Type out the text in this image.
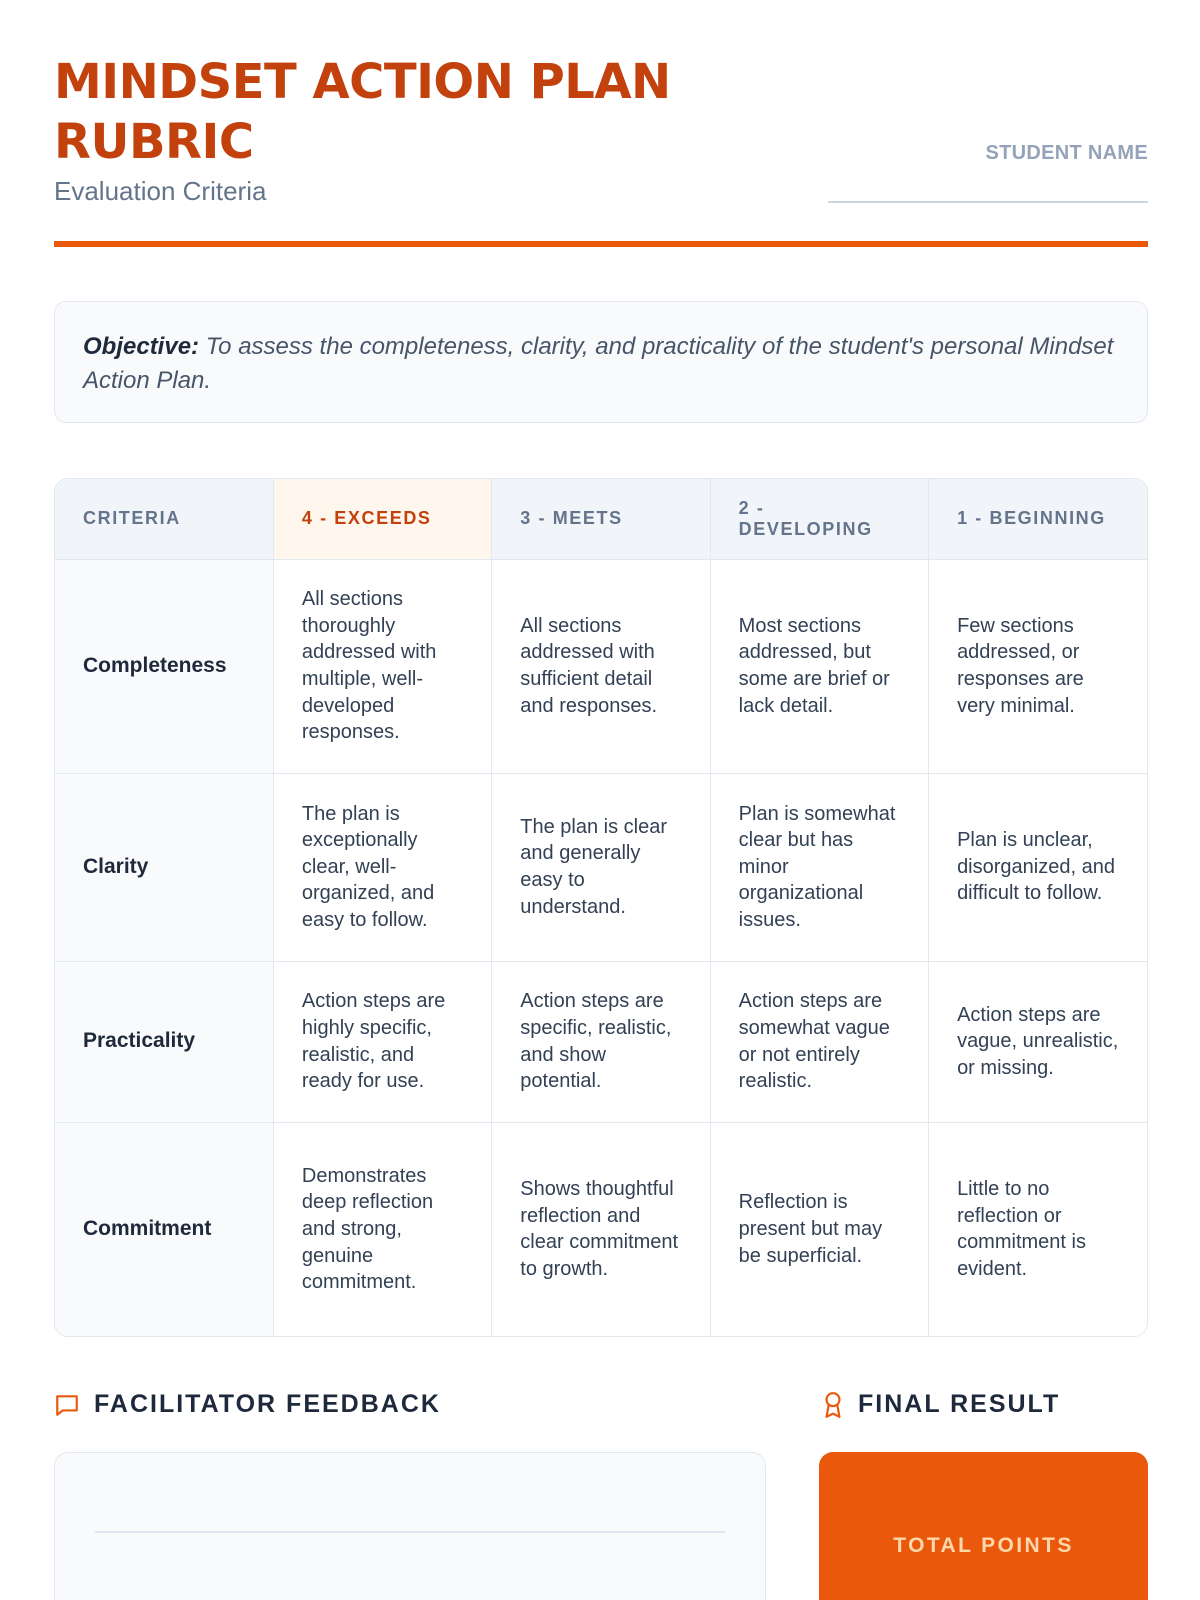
MINDSET ACTION PLAN RUBRIC
Evaluation Criteria
STUDENT NAME
Objective: To assess the completeness, clarity, and practicality of the student's personal Mindset Action Plan.
CRITERIA	4 - EXCEEDS	3 - MEETS	2 - DEVELOPING	1 - BEGINNING
Completeness	All sections thoroughly addressed with multiple, well-developed responses.	All sections addressed with sufficient detail and responses.	Most sections addressed, but some are brief or lack detail.	Few sections addressed, or responses are very minimal.
Clarity	The plan is exceptionally clear, well-organized, and easy to follow.	The plan is clear and generally easy to understand.	Plan is somewhat clear but has minor organizational issues.	Plan is unclear, disorganized, and difficult to follow.
Practicality	Action steps are highly specific, realistic, and ready for use.	Action steps are specific, realistic, and show potential.	Action steps are somewhat vague or not entirely realistic.	Action steps are vague, unrealistic, or missing.
Commitment	Demonstrates deep reflection and strong, genuine commitment.	Shows thoughtful reflection and clear commitment to growth.	Reflection is present but may be superficial.	Little to no reflection or commitment is evident.
FACILITATOR FEEDBACK	FINAL RESULT
TOTAL POINTS
